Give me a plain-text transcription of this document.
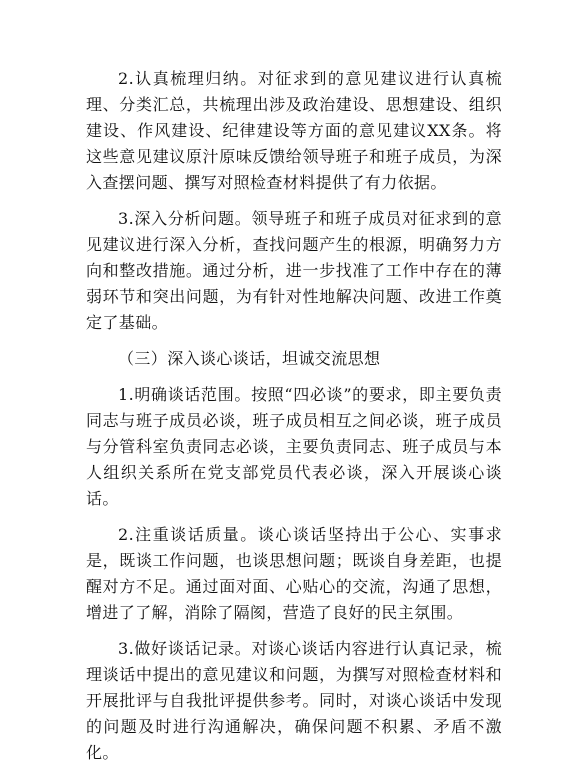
2.认真梳理归纳。对征求到的意见建议进行认真梳理、分类汇总，共梳理出涉及政治建设、思想建设、组织建设、作风建设、纪律建设等方面的意见建议XX条。将这些意见建议原汁原味反馈给领导班子和班子成员，为深入查摆问题、撰写对照检查材料提供了有力依据。

3.深入分析问题。领导班子和班子成员对征求到的意见建议进行深入分析，查找问题产生的根源，明确努力方向和整改措施。通过分析，进一步找准了工作中存在的薄弱环节和突出问题，为有针对性地解决问题、改进工作奠定了基础。

（三）深入谈心谈话，坦诚交流思想

1.明确谈话范围。按照“四必谈”的要求，即主要负责同志与班子成员必谈，班子成员相互之间必谈，班子成员与分管科室负责同志必谈，主要负责同志、班子成员与本人组织关系所在党支部党员代表必谈，深入开展谈心谈话。

2.注重谈话质量。谈心谈话坚持出于公心、实事求是，既谈工作问题，也谈思想问题；既谈自身差距，也提醒对方不足。通过面对面、心贴心的交流，沟通了思想，增进了了解，消除了隔阂，营造了良好的民主氛围。

3.做好谈话记录。对谈心谈话内容进行认真记录，梳理谈话中提出的意见建议和问题，为撰写对照检查材料和开展批评与自我批评提供参考。同时，对谈心谈话中发现的问题及时进行沟通解决，确保问题不积累、矛盾不激化。
